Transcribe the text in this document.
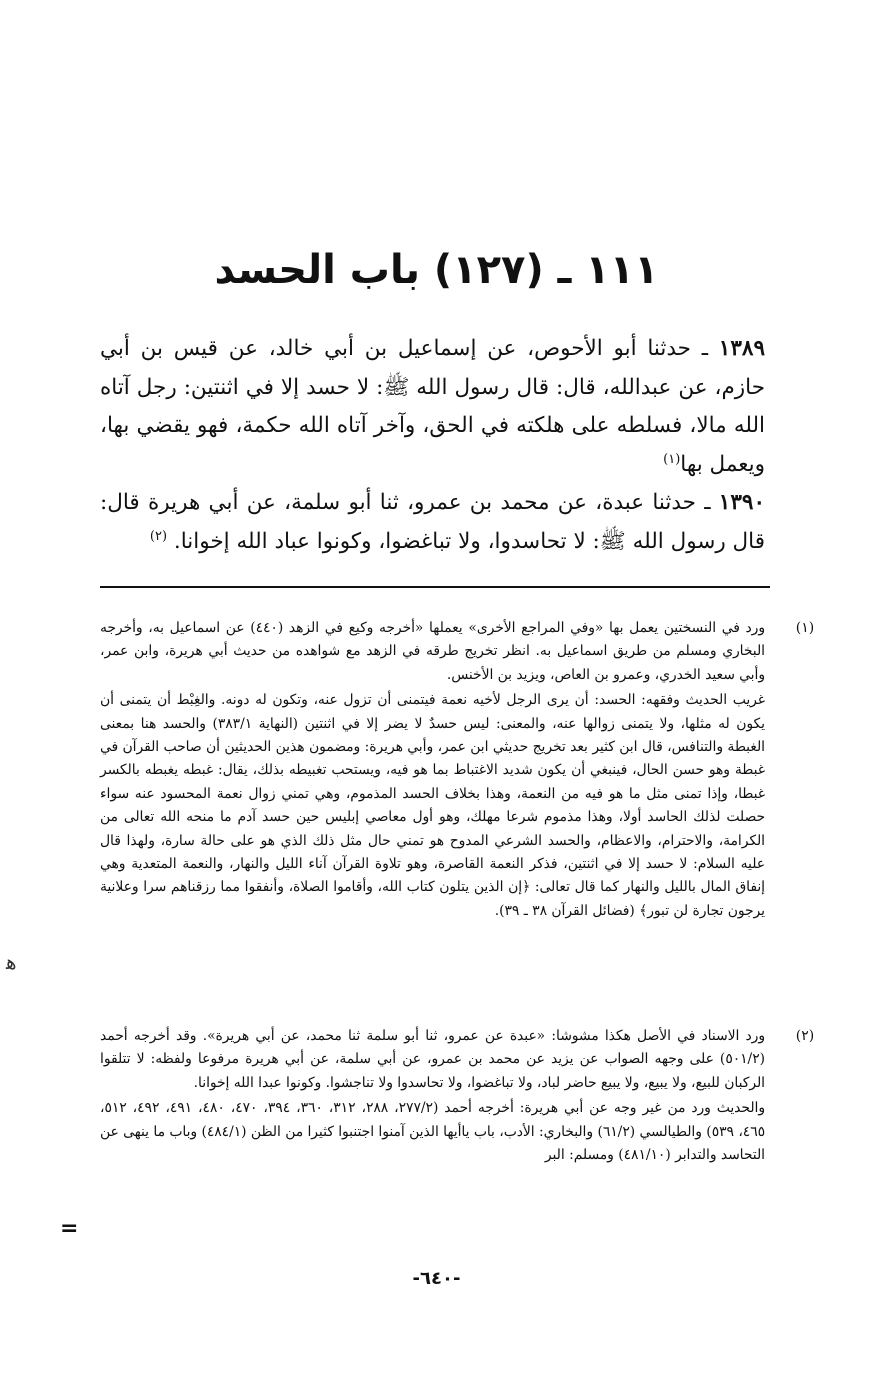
١١١ ـ (١٢٧) باب الحسد
١٣٨٩ ـ حدثنا أبو الأحوص، عن إسماعيل بن أبي خالد، عن قيس بن أبي حازم، عن عبدالله، قال: قال رسول الله ﷺ: لا حسد إلا في اثنتين: رجل آتاه الله مالا، فسلطه على هلكته في الحق، وآخر آتاه الله حكمة، فهو يقضي بها، ويعمل بها$^{(١)}$
١٣٩٠ ـ حدثنا عبدة، عن محمد بن عمرو، ثنا أبو سلمة، عن أبي هريرة قال: قال رسول الله ﷺ: لا تحاسدوا، ولا تباغضوا، وكونوا عباد الله إخوانا. $^{(٢)}$
(١)

ورد في النسختين يعمل بها «وفي المراجع الأخرى» يعملها «أخرجه وكيع في الزهد (٤٤٠) عن اسماعيل به، وأخرجه البخاري ومسلم من طريق اسماعيل به. انظر تخريج طرقه في الزهد مع شواهده من حديث أبي هريرة، وابن عمر، وأبي سعيد الخدري، وعمرو بن العاص، ويزيد بن الأخنس.

غريب الحديث وفقهه: الحسد: أن يرى الرجل لأخيه نعمة فيتمنى أن تزول عنه، وتكون له دونه. والغِبْط أن يتمنى أن يكون له مثلها، ولا يتمنى زوالها عنه، والمعنى: ليس حسدٌ لا يضر إلا في اثنتين (النهاية ٣٨٣/١) والحسد هنا بمعنى الغبطة والتنافس، قال ابن كثير بعد تخريج حديثي ابن عمر، وأبي هريرة: ومضمون هذين الحديثين أن صاحب القرآن في غبطة وهو حسن الحال، فينبغي أن يكون شديد الاغتباط بما هو فيه، ويستحب تغبيطه بذلك، يقال: غبطه يغبطه بالكسر غبطا، وإذا تمنى مثل ما هو فيه من النعمة، وهذا بخلاف الحسد المذموم، وهي تمني زوال نعمة المحسود عنه سواء حصلت لذلك الحاسد أولا، وهذا مذموم شرعا مهلك، وهو أول معاصي إبليس حين حسد آدم ما منحه الله تعالى من الكرامة، والاحترام، والاعظام، والحسد الشرعي المدوح هو تمني حال مثل ذلك الذي هو على حالة سارة، ولهذا قال عليه السلام: لا حسد إلا في اثنتين، فذكر النعمة القاصرة، وهو تلاوة القرآن آناء الليل والنهار، والنعمة المتعدية وهي إنفاق المال بالليل والنهار كما قال تعالى: ﴿إن الذين يتلون كتاب الله، وأقاموا الصلاة، وأنفقوا مما رزقناهم سرا وعلانية يرجون تجارة لن تبور﴾ (فضائل القرآن ٣٨ ـ ٣٩).

(٢)

ورد الاسناد في الأصل هكذا مشوشا: «عبدة عن عمرو، ثنا أبو سلمة ثنا محمد، عن أبي هريرة». وقد أخرجه أحمد (٥٠١/٢) على وجهه الصواب عن يزيد عن محمد بن عمرو، عن أبي سلمة، عن أبي هريرة مرفوعا ولفظه: لا تتلقوا الركبان للبيع، ولا يبيع، ولا يبيع حاضر لباد، ولا تباغضوا، ولا تحاسدوا ولا تناجشوا. وكونوا عبدا الله إخوانا.

والحديث ورد من غير وجه عن أبي هريرة: أخرجه أحمد (٢٧٧/٢، ٢٨٨، ٣١٢، ٣٦٠، ٣٩٤، ٤٧٠، ٤٨٠، ٤٩١، ٤٩٢، ٥١٢، ٤٦٥، ٥٣٩) والطيالسي (٦١/٢) والبخاري: الأدب، باب ياأيها الذين آمنوا اجتنبوا كثيرا من الظن (٤٨٤/١) وباب ما ينهى عن التحاسد والتدابر (٤٨١/١٠) ومسلم: البر

=
ﻫ
-٦٤٠-
